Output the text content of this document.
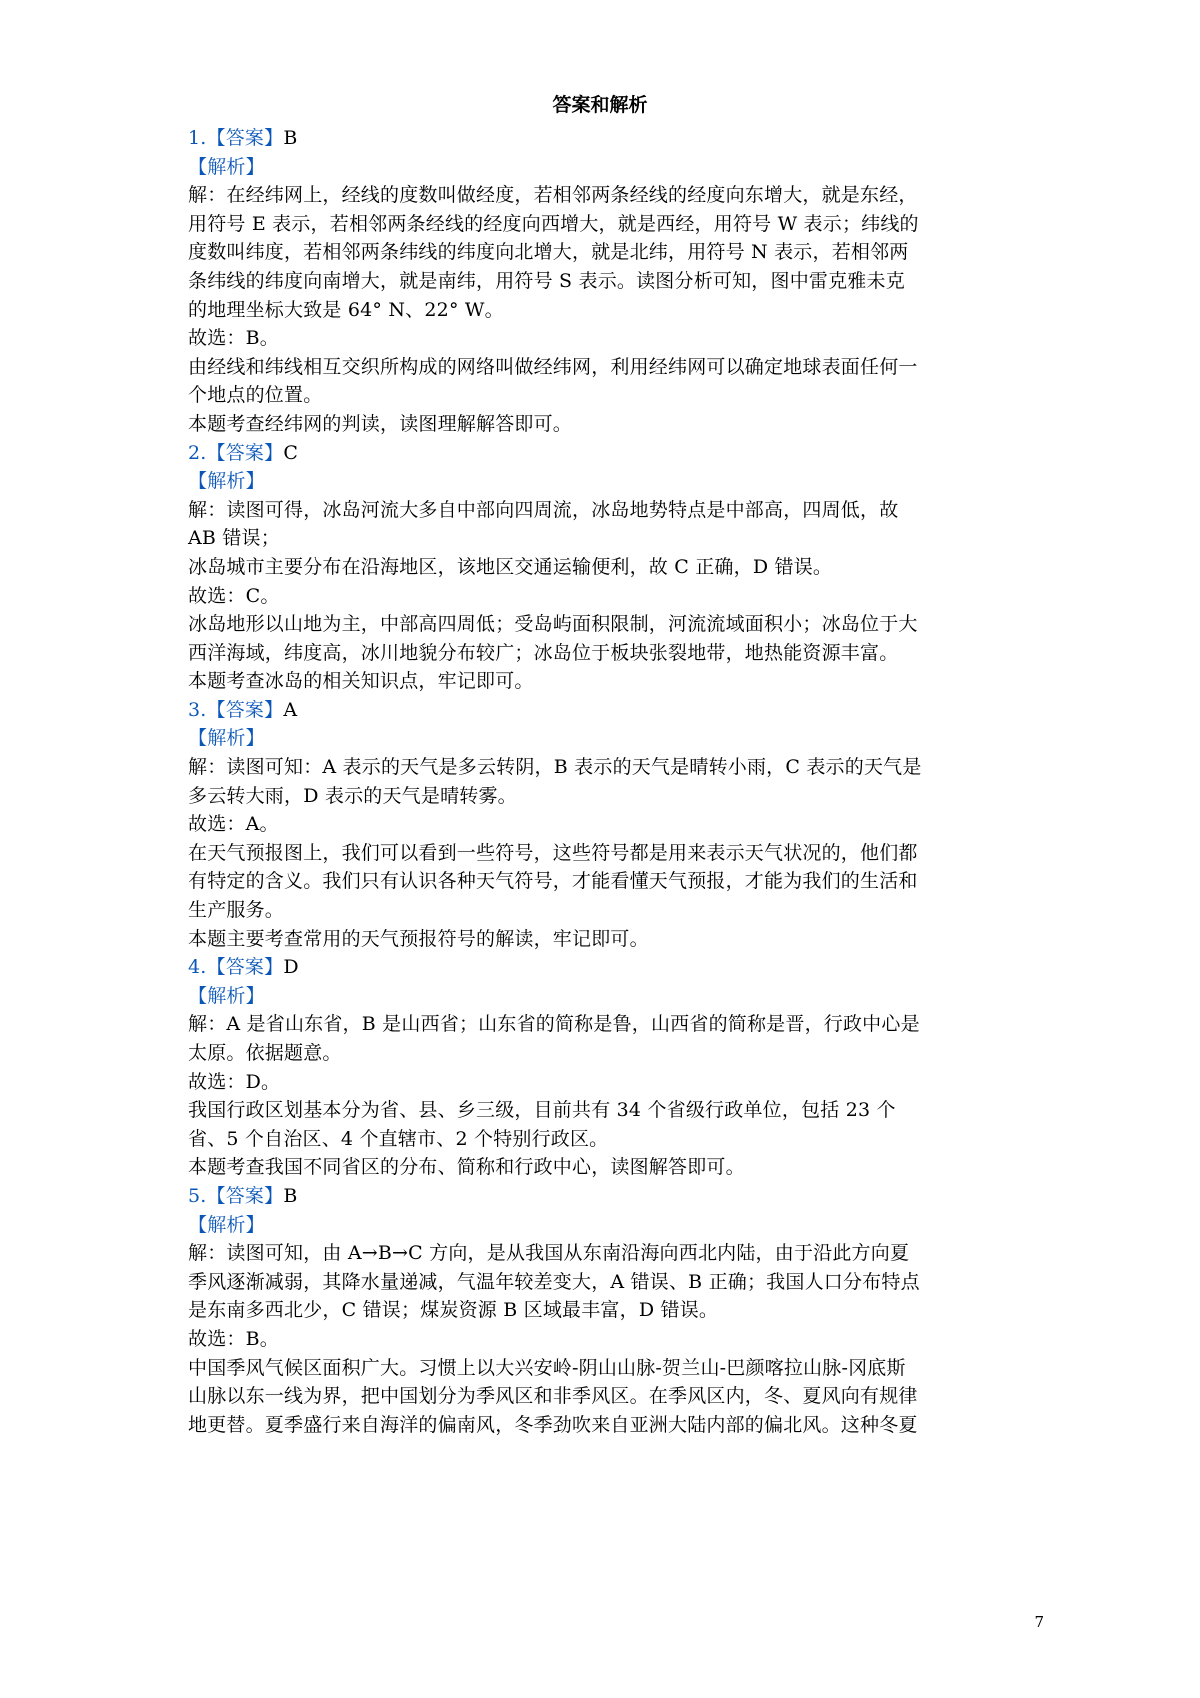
答案和解析

1.【答案】B

【解析】

解：在经纬网上，经线的度数叫做经度，若相邻两条经线的经度向东增大，就是东经，用符号 E 表示，若相邻两条经线的经度向西增大，就是西经，用符号 W 表示；纬线的度数叫纬度，若相邻两条纬线的纬度向北增大，就是北纬，用符号 N 表示，若相邻两条纬线的纬度向南增大，就是南纬，用符号 S 表示。读图分析可知，图中雷克雅未克的地理坐标大致是 64° N、22° W。

故选：B。

由经线和纬线相互交织所构成的网络叫做经纬网，利用经纬网可以确定地球表面任何一个地点的位置。

本题考查经纬网的判读，读图理解解答即可。

2.【答案】C

【解析】

解：读图可得，冰岛河流大多自中部向四周流，冰岛地势特点是中部高，四周低，故 AB 错误；

冰岛城市主要分布在沿海地区，该地区交通运输便利，故 C 正确，D 错误。

故选：C。

冰岛地形以山地为主，中部高四周低；受岛屿面积限制，河流流域面积小；冰岛位于大西洋海域，纬度高，冰川地貌分布较广；冰岛位于板块张裂地带，地热能资源丰富。

本题考查冰岛的相关知识点，牢记即可。

3.【答案】A

【解析】

解：读图可知：A 表示的天气是多云转阴，B 表示的天气是晴转小雨，C 表示的天气是多云转大雨，D 表示的天气是晴转雾。

故选：A。

在天气预报图上，我们可以看到一些符号，这些符号都是用来表示天气状况的，他们都有特定的含义。我们只有认识各种天气符号，才能看懂天气预报，才能为我们的生活和生产服务。

本题主要考查常用的天气预报符号的解读，牢记即可。

4.【答案】D

【解析】

解：A 是省山东省，B 是山西省；山东省的简称是鲁，山西省的简称是晋，行政中心是太原。依据题意。

故选：D。

我国行政区划基本分为省、县、乡三级，目前共有 34 个省级行政单位，包括 23 个省、5 个自治区、4 个直辖市、2 个特别行政区。

本题考查我国不同省区的分布、简称和行政中心，读图解答即可。

5.【答案】B

【解析】

解：读图可知，由 A→B→C 方向，是从我国从东南沿海向西北内陆，由于沿此方向夏季风逐渐减弱，其降水量递减，气温年较差变大，A 错误、B 正确；我国人口分布特点是东南多西北少，C 错误；煤炭资源 B 区域最丰富，D 错误。

故选：B。

中国季风气候区面积广大。习惯上以大兴安岭-阴山山脉-贺兰山-巴颜喀拉山脉-冈底斯山脉以东一线为界，把中国划分为季风区和非季风区。在季风区内，冬、夏风向有规律地更替。夏季盛行来自海洋的偏南风，冬季劲吹来自亚洲大陆内部的偏北风。这种冬夏

7
